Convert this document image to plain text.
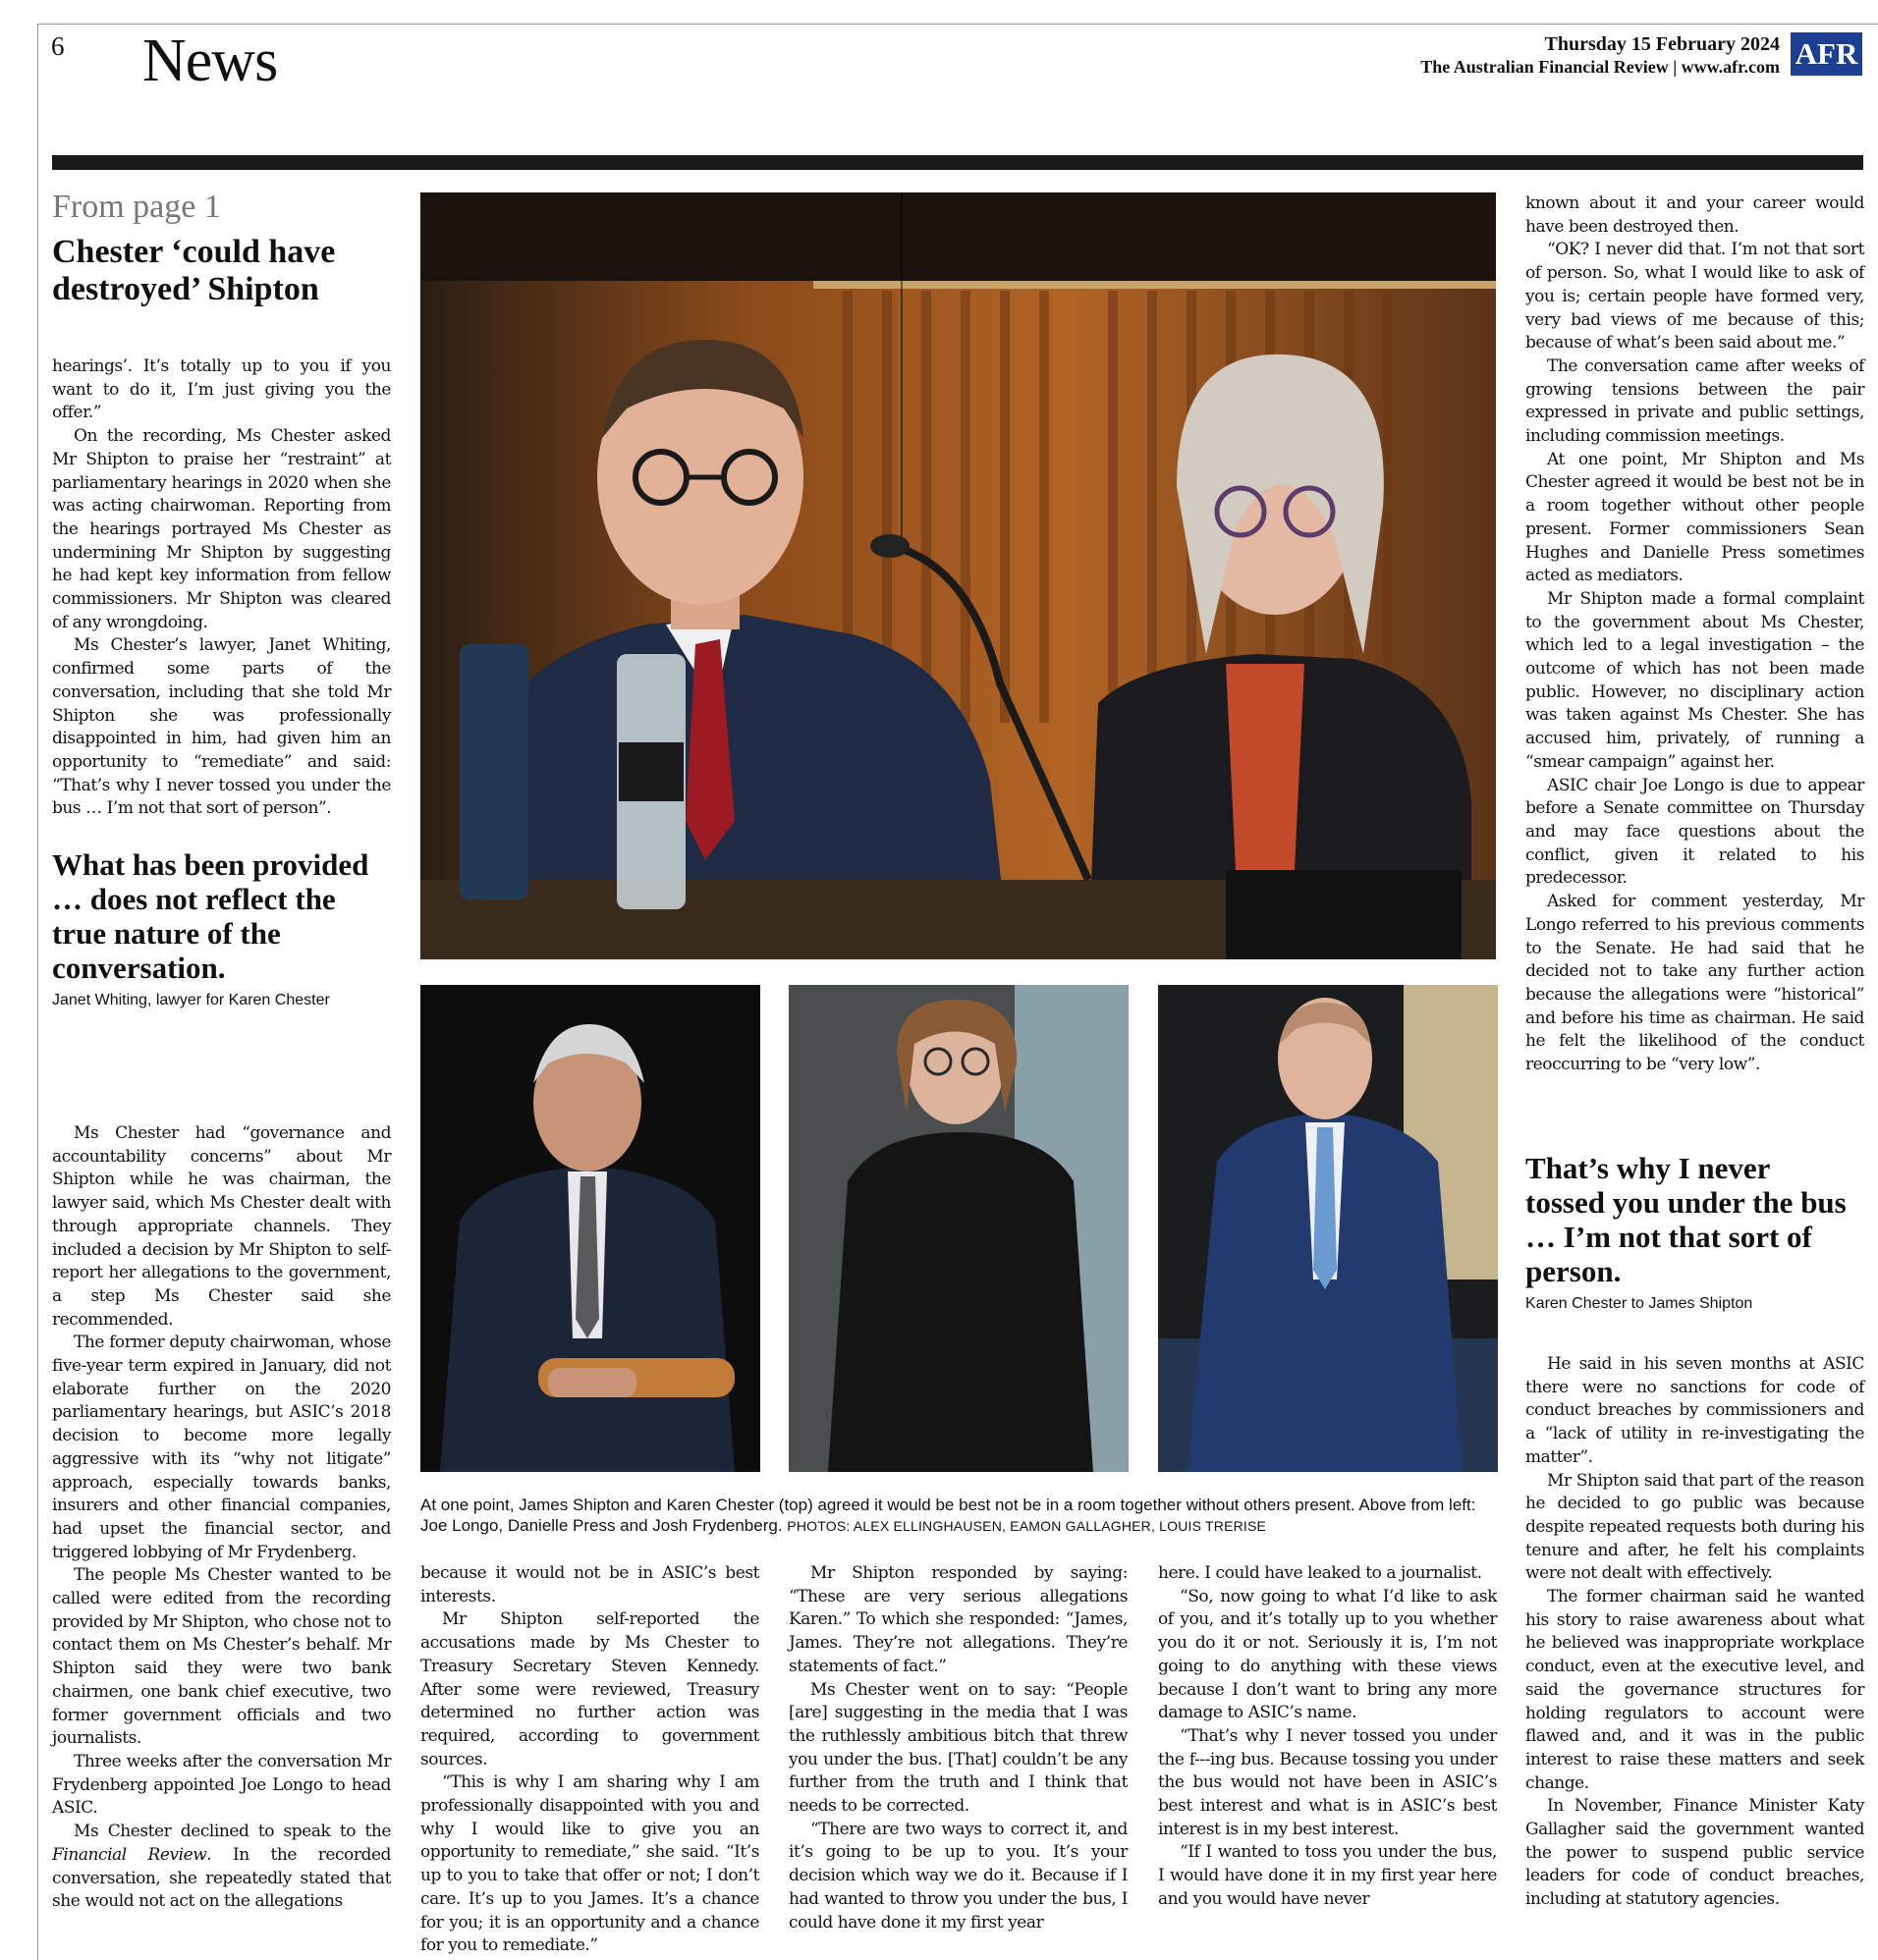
6 News	Thursday 15 February 2024
The Australian Financial Review | www.afr.com AFR
From page 1
Chester ‘could have destroyed’ Shipton

hearings’. It’s totally up to you if you want to do it, I’m just giving you the offer.”

On the recording, Ms Chester asked Mr Shipton to praise her “restraint” at parliamentary hearings in 2020 when she was acting chairwoman. Reporting from the hearings portrayed Ms Chester as undermining Mr Shipton by suggesting he had kept key information from fellow commissioners. Mr Shipton was cleared of any wrongdoing.

Ms Chester’s lawyer, Janet Whiting, confirmed some parts of the conversation, including that she told Mr Shipton she was professionally disappointed in him, had given him an opportunity to “remediate” and said: “That’s why I never tossed you under the bus … I’m not that sort of person”.

What has been provided … does not reflect the true nature of the conversation.
Janet Whiting, lawyer for Karen Chester

Ms Chester had “governance and accountability concerns” about Mr Shipton while he was chairman, the lawyer said, which Ms Chester dealt with through appropriate channels. They included a decision by Mr Shipton to self-report her allegations to the government, a step Ms Chester said she recommended.

The former deputy chairwoman, whose five-year term expired in January, did not elaborate further on the 2020 parliamentary hearings, but ASIC’s 2018 decision to become more legally aggressive with its “why not litigate” approach, especially towards banks, insurers and other financial companies, had upset the financial sector, and triggered lobbying of Mr Frydenberg.

The people Ms Chester wanted to be called were edited from the recording provided by Mr Shipton, who chose not to contact them on Ms Chester’s behalf. Mr Shipton said they were two bank chairmen, one bank chief executive, two former government officials and two journalists.

Three weeks after the conversation Mr Frydenberg appointed Joe Longo to head ASIC.

Ms Chester declined to speak to the Financial Review. In the recorded conversation, she repeatedly stated that she would not act on the allegations

At one point, James Shipton and Karen Chester (top) agreed it would be best not be in a room together without others present. Above from left: Joe Longo, Danielle Press and Josh Frydenberg. PHOTOS: ALEX ELLINGHAUSEN, EAMON GALLAGHER, LOUIS TRERISE

because it would not be in ASIC’s best interests.

Mr Shipton self-reported the accusations made by Ms Chester to Treasury Secretary Steven Kennedy. After some were reviewed, Treasury determined no further action was required, according to government sources.

“This is why I am sharing why I am professionally disappointed with you and why I would like to give you an opportunity to remediate,” she said. “It’s up to you to take that offer or not; I don’t care. It’s up to you James. It’s a chance for you; it is an opportunity and a chance for you to remediate.”

Mr Shipton responded by saying: “These are very serious allegations Karen.” To which she responded: “James, James. They’re not allegations. They’re statements of fact.”

Ms Chester went on to say: “People [are] suggesting in the media that I was the ruthlessly ambitious bitch that threw you under the bus. [That] couldn’t be any further from the truth and I think that needs to be corrected.

“There are two ways to correct it, and it’s going to be up to you. It’s your decision which way we do it. Because if I had wanted to throw you under the bus, I could have done it my first year

here. I could have leaked to a journalist.

“So, now going to what I’d like to ask of you, and it’s totally up to you whether you do it or not. Seriously it is, I’m not going to do anything with these views because I don’t want to bring any more damage to ASIC’s name.

“That’s why I never tossed you under the f---ing bus. Because tossing you under the bus would not have been in ASIC’s best interest and what is in ASIC’s best interest is in my best interest.

“If I wanted to toss you under the bus, I would have done it in my first year here and you would have never

known about it and your career would have been destroyed then.

“OK? I never did that. I’m not that sort of person. So, what I would like to ask of you is; certain people have formed very, very bad views of me because of this; because of what’s been said about me.”

The conversation came after weeks of growing tensions between the pair expressed in private and public settings, including commission meetings.

At one point, Mr Shipton and Ms Chester agreed it would be best not be in a room together without other people present. Former commissioners Sean Hughes and Danielle Press sometimes acted as mediators.

Mr Shipton made a formal complaint to the government about Ms Chester, which led to a legal investigation – the outcome of which has not been made public. However, no disciplinary action was taken against Ms Chester. She has accused him, privately, of running a “smear campaign” against her.

ASIC chair Joe Longo is due to appear before a Senate committee on Thursday and may face questions about the conflict, given it related to his predecessor.

Asked for comment yesterday, Mr Longo referred to his previous comments to the Senate. He had said that he decided not to take any further action because the allegations were “historical” and before his time as chairman. He said he felt the likelihood of the conduct reoccurring to be “very low”.

That’s why I never tossed you under the bus … I’m not that sort of person.
Karen Chester to James Shipton

He said in his seven months at ASIC there were no sanctions for code of conduct breaches by commissioners and a “lack of utility in re-investigating the matter”.

Mr Shipton said that part of the reason he decided to go public was because despite repeated requests both during his tenure and after, he felt his complaints were not dealt with effectively.

The former chairman said he wanted his story to raise awareness about what he believed was inappropriate workplace conduct, even at the executive level, and said the governance structures for holding regulators to account were flawed and, and it was in the public interest to raise these matters and seek change.

In November, Finance Minister Katy Gallagher said the government wanted the power to suspend public service leaders for code of conduct breaches, including at statutory agencies.
